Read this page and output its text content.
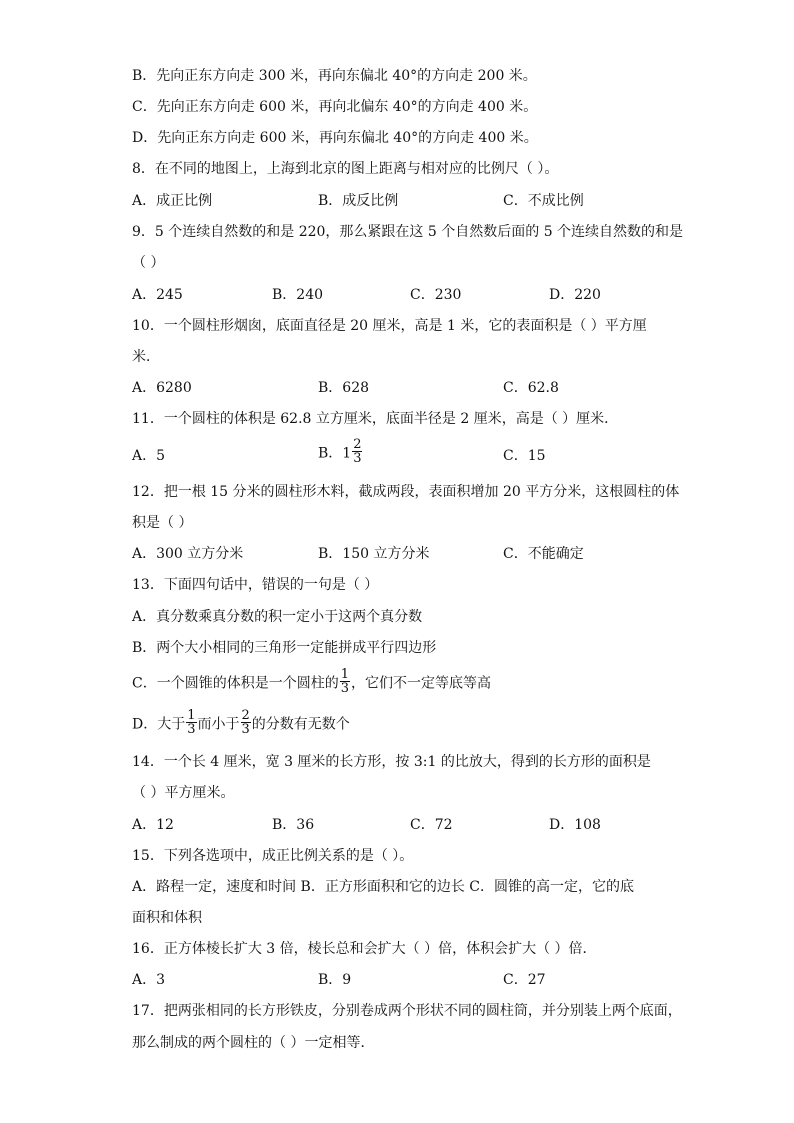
B．先向正东方向走 300 米，再向东偏北 40°的方向走 200 米。
C．先向正东方向走 600 米，再向北偏东 40°的方向走 400 米。
D．先向正东方向走 600 米，再向东偏北 40°的方向走 400 米。
8．在不同的地图上，上海到北京的图上距离与相对应的比例尺（ ）。
A．成正比例	B．成反比例	C．不成比例
9．5 个连续自然数的和是 220，那么紧跟在这 5 个自然数后面的 5 个连续自然数的和是
（ ）
A．245	B．240	C．230	D．220
10．一个圆柱形烟囱，底面直径是 20 厘米，高是 1 米，它的表面积是（ ）平方厘
米．
A．6280	B．628	C．62.8
11．一个圆柱的体积是 62.8 立方厘米，底面半径是 2 厘米，高是（ ）厘米．
A．5	B．$1 \frac{2}{3}$	C．15
12．把一根 15 分米的圆柱形木料，截成两段，表面积增加 20 平方分米，这根圆柱的体
积是（ ）
A．300 立方分米	B．150 立方分米	C．不能确定
13．下面四句话中，错误的一句是（ ）
A．真分数乘真分数的积一定小于这两个真分数
B．两个大小相同的三角形一定能拼成平行四边形
C．一个圆锥的体积是一个圆柱的 $\frac{1}{3}$ ，它们不一定等底等高
D．大于 $\frac{1}{3}$ 而小于 $\frac{2}{3}$ 的分数有无数个
14．一个长 4 厘米，宽 3 厘米的长方形，按 3:1 的比放大，得到的长方形的面积是
（ ）平方厘米。
A．12	B．36	C．72	D．108
15．下列各选项中，成正比例关系的是（ ）。
A．路程一定，速度和时间 B．正方形面积和它的边长 C．圆锥的高一定，它的底
面积和体积
16．正方体棱长扩大 3 倍，棱长总和会扩大（ ）倍，体积会扩大（ ）倍．
A．3	B．9	C．27
17．把两张相同的长方形铁皮，分别卷成两个形状不同的圆柱筒，并分别装上两个底面，
那么制成的两个圆柱的（ ）一定相等．
